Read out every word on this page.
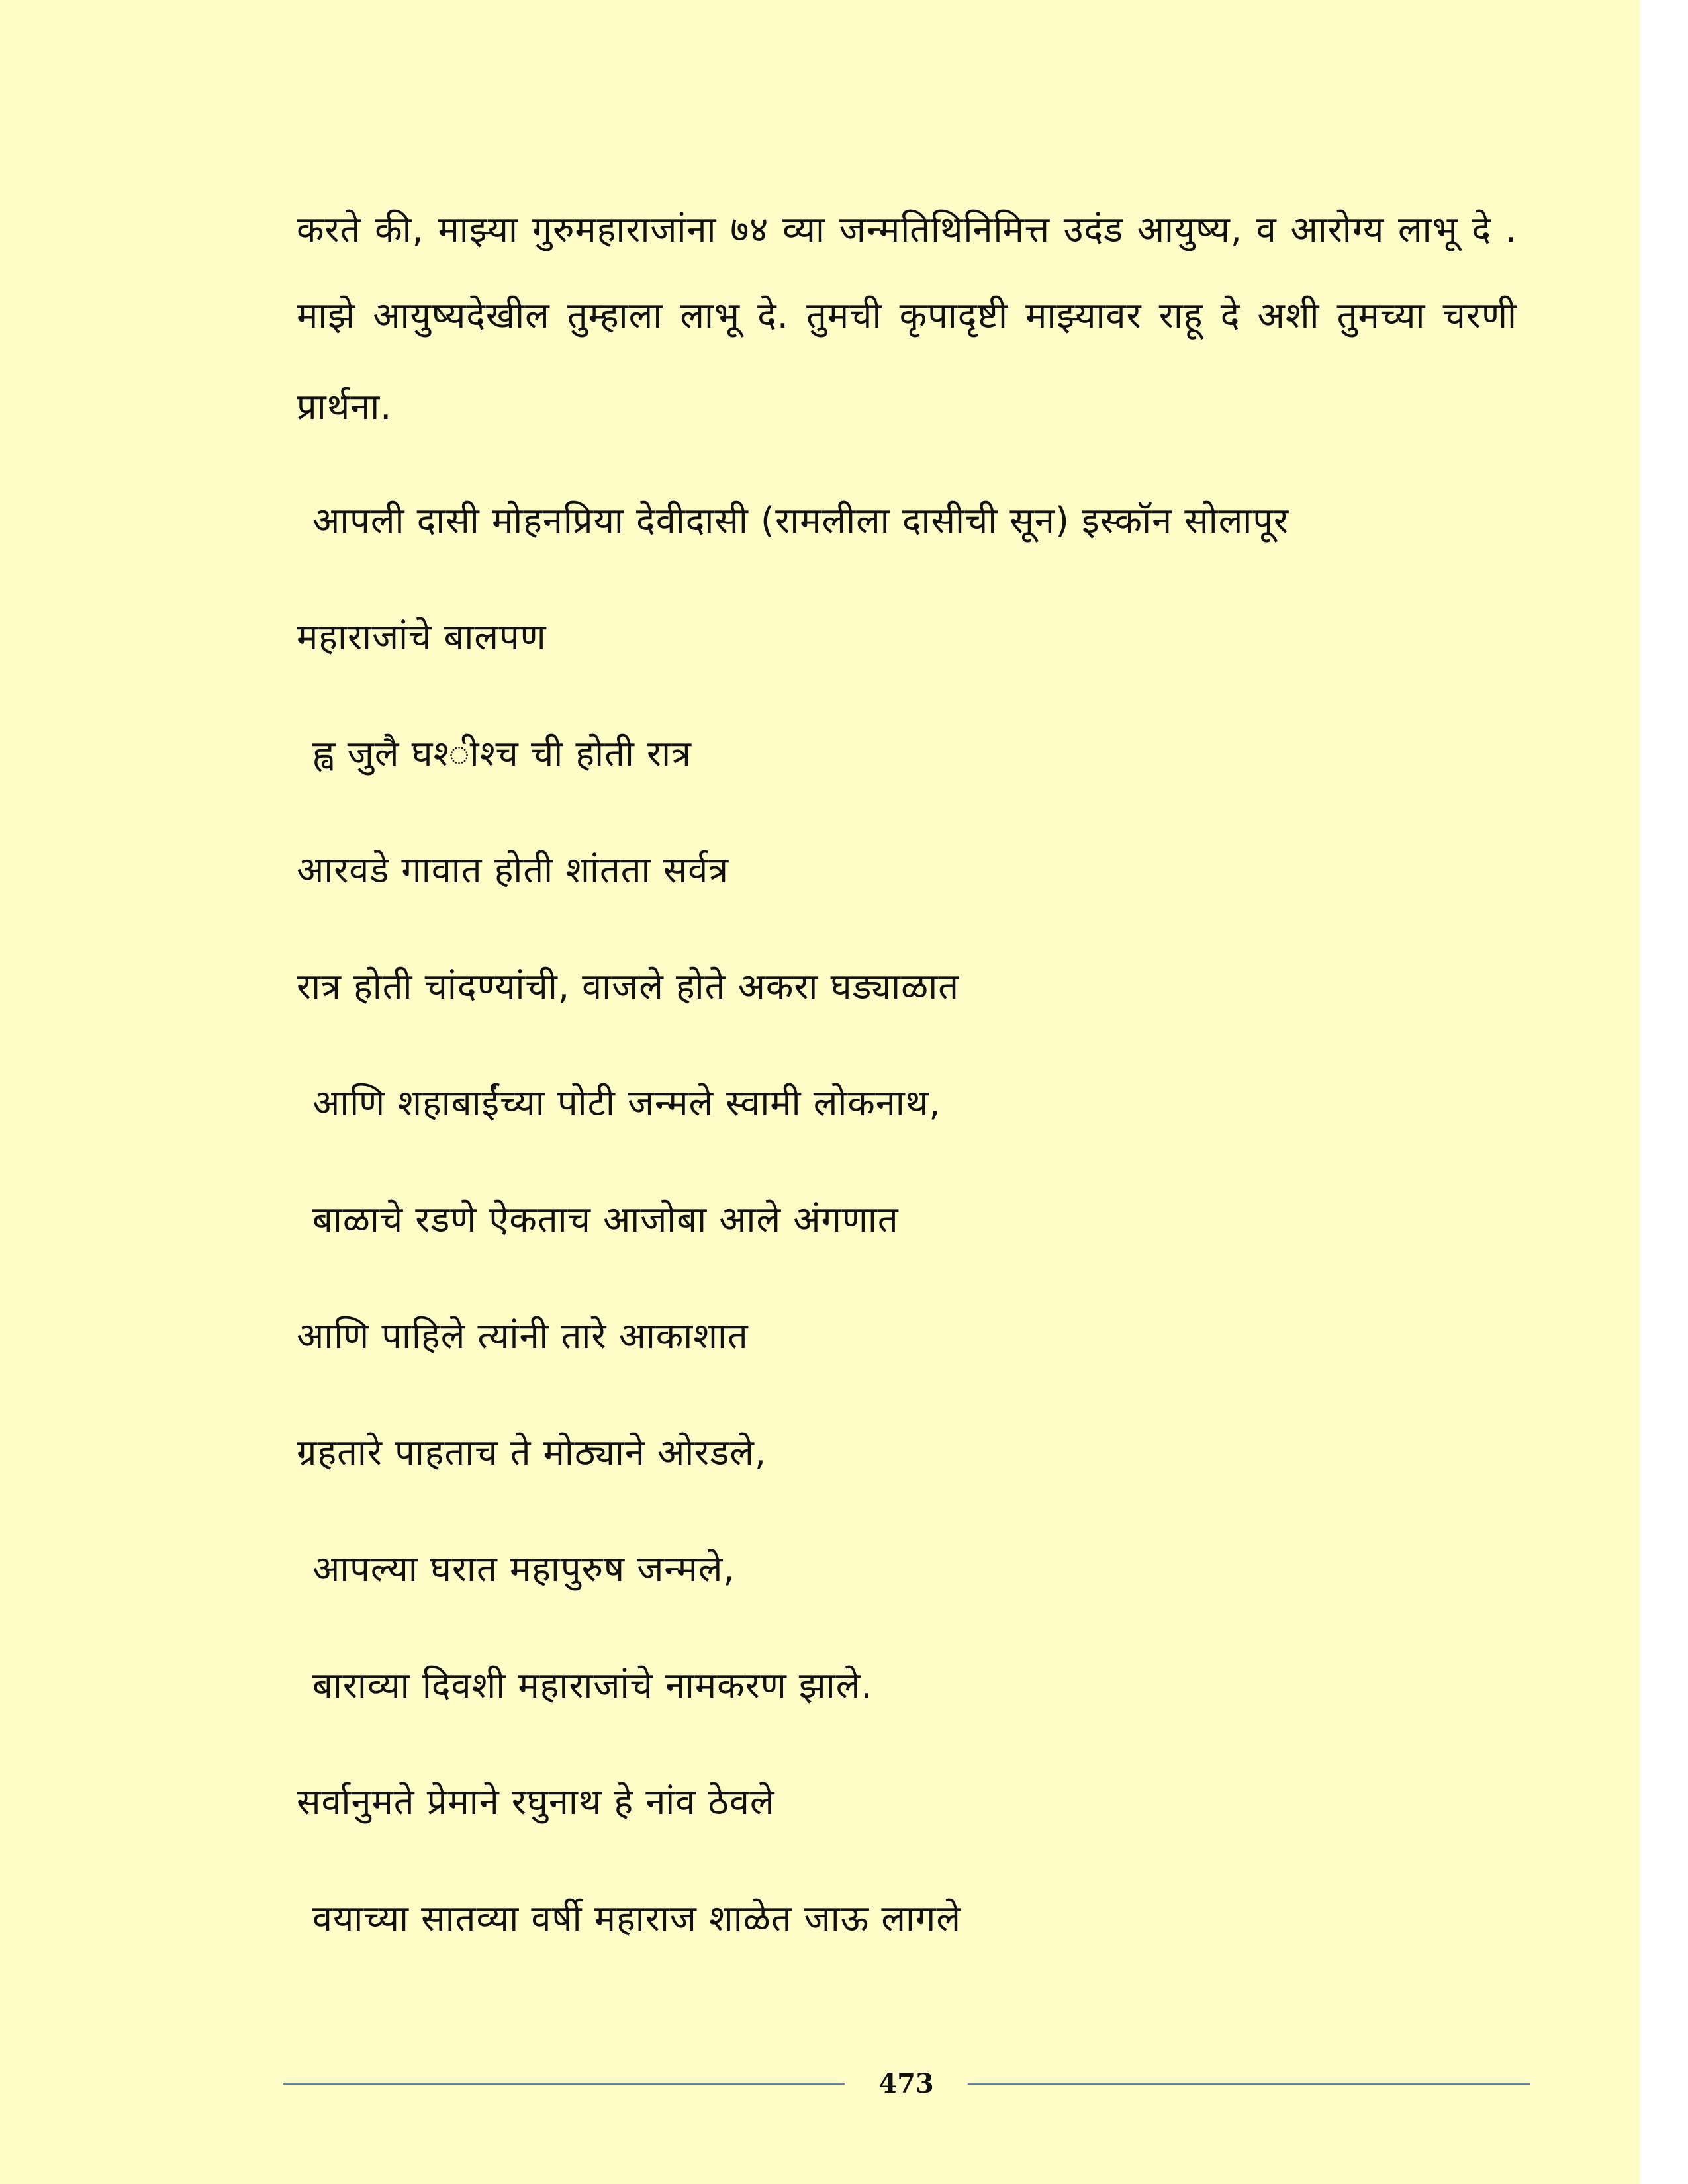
करते की, माझ्या गुरुमहाराजांना ७४ व्या जन्मतिथिनिमित्त उदंड आयुष्य, व आरोग्य लाभू दे .
माझे आयुष्यदेखील तुम्हाला लाभू दे. तुमची कृपादृष्टी माझ्यावर राहू दे अशी तुमच्या चरणी
प्रार्थना.
आपली दासी मोहनप्रिया देवीदासी (रामलीला दासीची सून) इस्कॉन सोलापूर
महाराजांचे बालपण
ह्व जुलै घश्‍ीश्‍च ची होती रात्र
आरवडे गावात होती शांतता सर्वत्र
रात्र होती चांदण्यांची, वाजले होते अकरा घड्याळात
आणि शहाबाईंच्या पोटी जन्मले स्वामी लोकनाथ,
बाळाचे रडणे ऐकताच आजोबा आले अंगणात
आणि पाहिले त्यांनी तारे आकाशात
ग्रहतारे पाहताच ते मोठ्याने ओरडले,
आपल्या घरात महापुरुष जन्मले,
बाराव्या दिवशी महाराजांचे नामकरण झाले.
सर्वानुमते प्रेमाने रघुनाथ हे नांव ठेवले
वयाच्या सातव्या वर्षी महाराज शाळेत जाऊ लागले
473
